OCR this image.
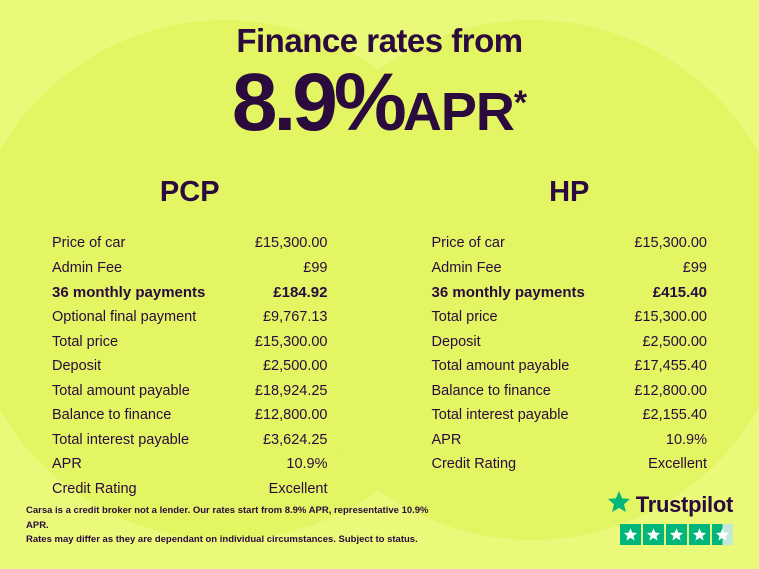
Finance rates from
8.9%APR*
PCP
Price of car	£15,300.00
Admin Fee	£99
36 monthly payments	£184.92
Optional final payment	£9,767.13
Total price	£15,300.00
Deposit	£2,500.00
Total amount payable	£18,924.25
Balance to finance	£12,800.00
Total interest payable	£3,624.25
APR	10.9%
Credit Rating	Excellent
HP
Price of car	£15,300.00
Admin Fee	£99
36 monthly payments	£415.40
Total price	£15,300.00
Deposit	£2,500.00
Total amount payable	£17,455.40
Balance to finance	£12,800.00
Total interest payable	£2,155.40
APR	10.9%
Credit Rating	Excellent
Carsa is a credit broker not a lender. Our rates start from 8.9% APR, representative 10.9% APR.
Rates may differ as they are dependant on individual circumstances. Subject to status.
Trustpilot
